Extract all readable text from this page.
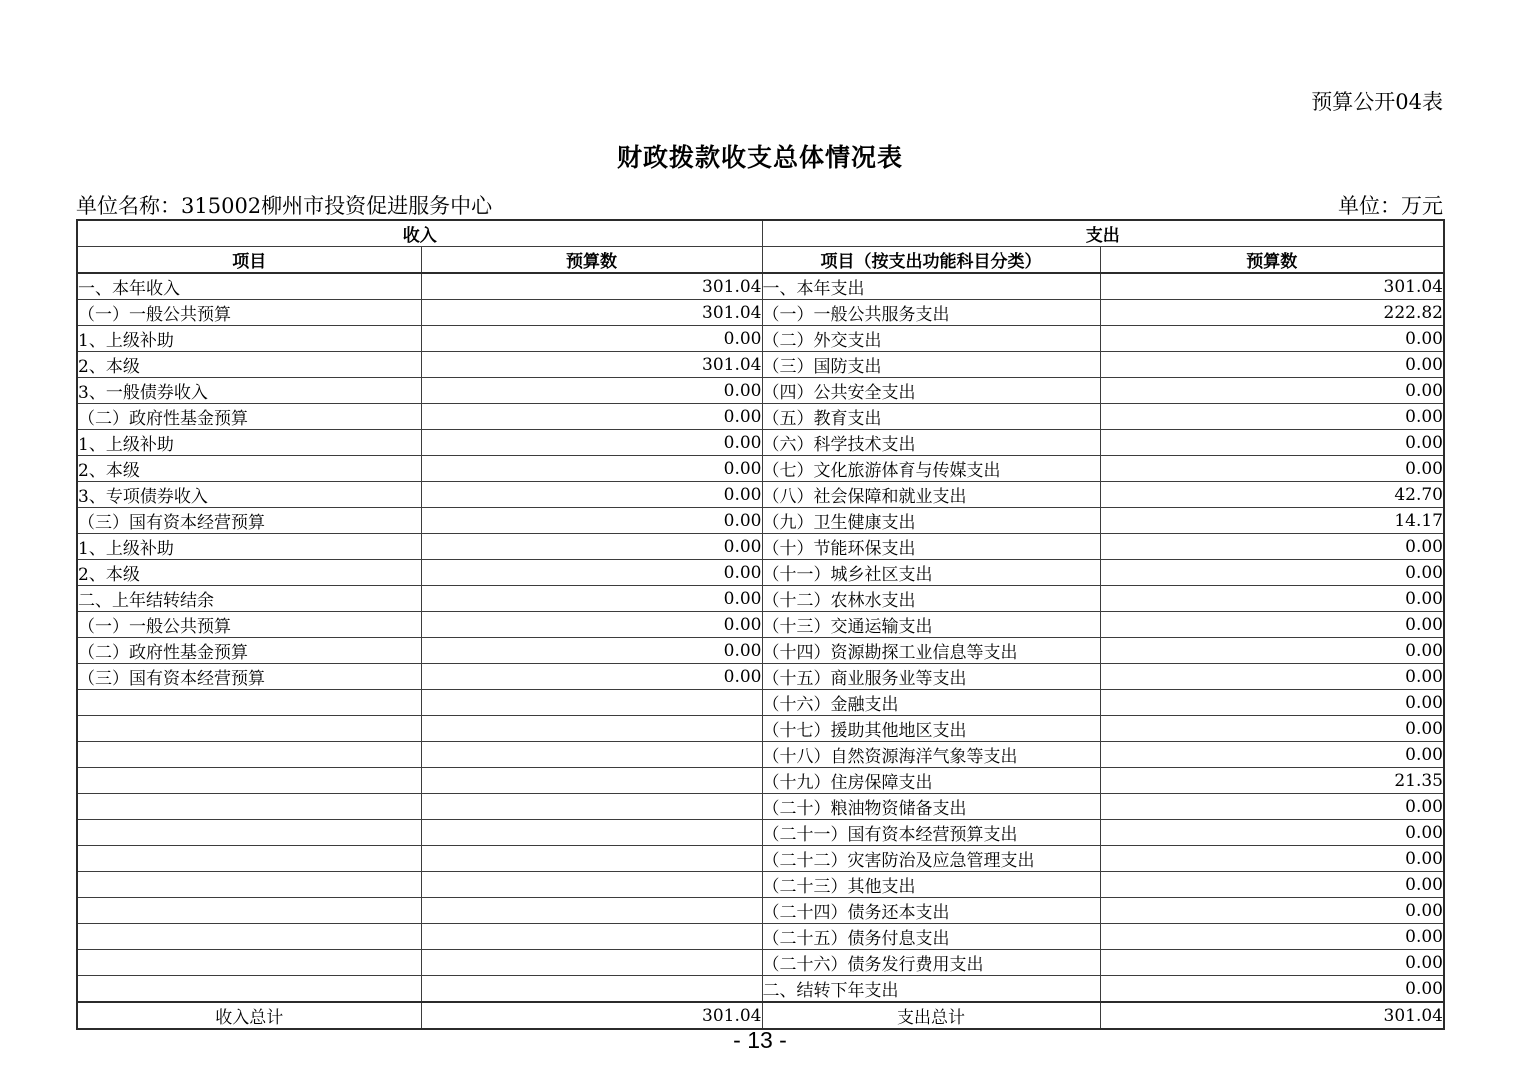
预算公开04表
财政拨款收支总体情况表
单位名称：315002柳州市投资促进服务中心	单位：万元
收入		支出	
项目	预算数	项目（按支出功能科目分类）	预算数
一、本年收入	301.04	一、本年支出	301.04
（一）一般公共预算	301.04	（一）一般公共服务支出	222.82
1、上级补助	0.00	（二）外交支出	0.00
2、本级	301.04	（三）国防支出	0.00
3、一般债券收入	0.00	（四）公共安全支出	0.00
（二）政府性基金预算	0.00	（五）教育支出	0.00
1、上级补助	0.00	（六）科学技术支出	0.00
2、本级	0.00	（七）文化旅游体育与传媒支出	0.00
3、专项债券收入	0.00	（八）社会保障和就业支出	42.70
（三）国有资本经营预算	0.00	（九）卫生健康支出	14.17
1、上级补助	0.00	（十）节能环保支出	0.00
2、本级	0.00	（十一）城乡社区支出	0.00
二、上年结转结余	0.00	（十二）农林水支出	0.00
（一）一般公共预算	0.00	（十三）交通运输支出	0.00
（二）政府性基金预算	0.00	（十四）资源勘探工业信息等支出	0.00
（三）国有资本经营预算	0.00	（十五）商业服务业等支出	0.00
		（十六）金融支出	0.00
		（十七）援助其他地区支出	0.00
		（十八）自然资源海洋气象等支出	0.00
		（十九）住房保障支出	21.35
		（二十）粮油物资储备支出	0.00
		（二十一）国有资本经营预算支出	0.00
		（二十二）灾害防治及应急管理支出	0.00
		（二十三）其他支出	0.00
		（二十四）债务还本支出	0.00
		（二十五）债务付息支出	0.00
		（二十六）债务发行费用支出	0.00
		二、结转下年支出	0.00
收入总计	301.04	支出总计	301.04
- 13 -
